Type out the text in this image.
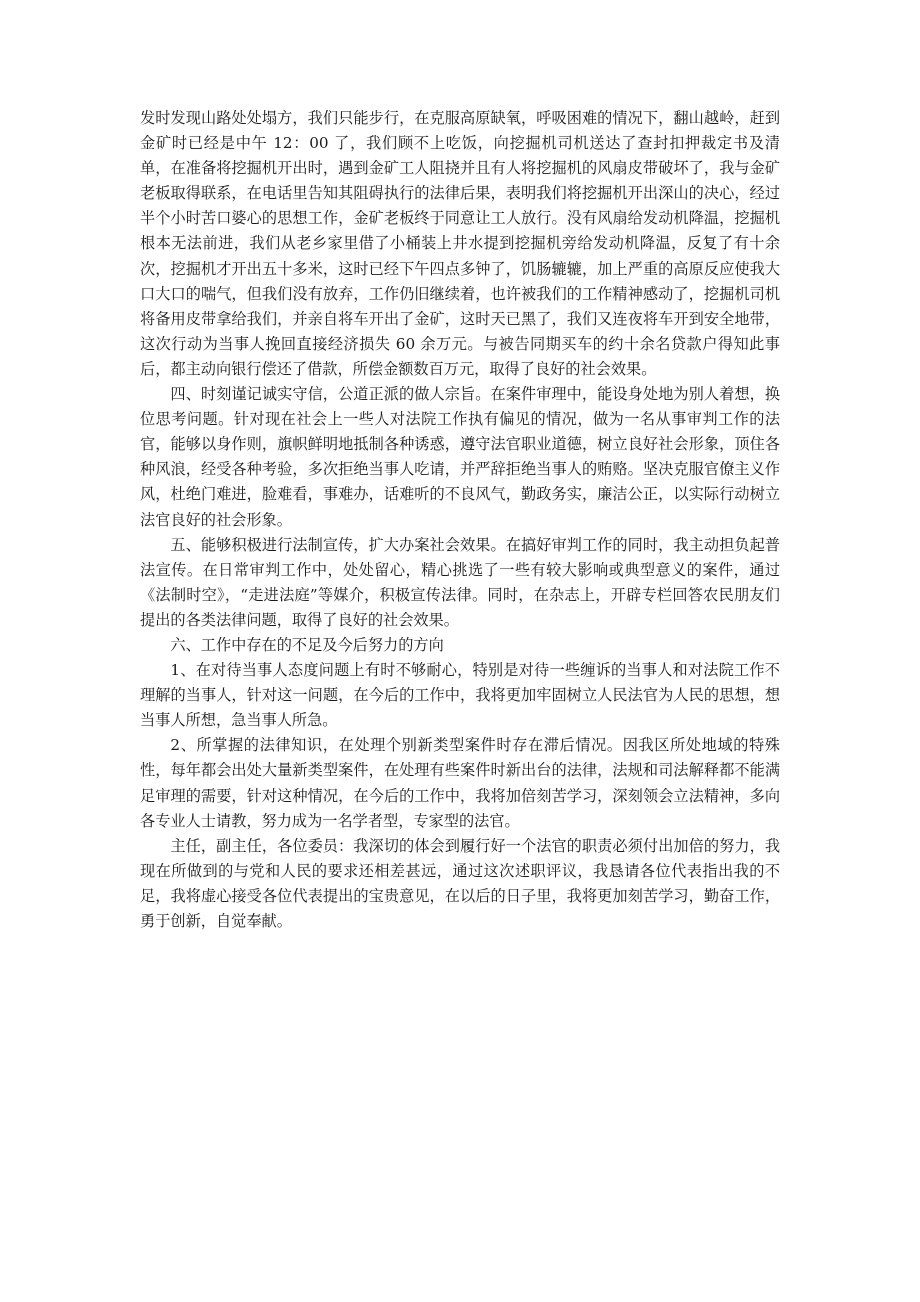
发时发现山路处处塌方，我们只能步行，在克服高原缺氧，呼吸困难的情况下，翻山越岭，赶到金矿时已经是中午 12：00 了，我们顾不上吃饭，向挖掘机司机送达了查封扣押裁定书及清单，在准备将挖掘机开出时，遇到金矿工人阻挠并且有人将挖掘机的风扇皮带破坏了，我与金矿老板取得联系，在电话里告知其阻碍执行的法律后果，表明我们将挖掘机开出深山的决心，经过半个小时苦口婆心的思想工作，金矿老板终于同意让工人放行。没有风扇给发动机降温，挖掘机根本无法前进，我们从老乡家里借了小桶装上井水提到挖掘机旁给发动机降温，反复了有十余次，挖掘机才开出五十多米，这时已经下午四点多钟了，饥肠辘辘，加上严重的高原反应使我大口大口的喘气，但我们没有放弃，工作仍旧继续着，也许被我们的工作精神感动了，挖掘机司机将备用皮带拿给我们，并亲自将车开出了金矿，这时天已黑了，我们又连夜将车开到安全地带，这次行动为当事人挽回直接经济损失 60 余万元。与被告同期买车的约十余名贷款户得知此事后，都主动向银行偿还了借款，所偿金额数百万元，取得了良好的社会效果。

四、时刻谨记诚实守信，公道正派的做人宗旨。在案件审理中，能设身处地为别人着想，换位思考问题。针对现在社会上一些人对法院工作执有偏见的情况，做为一名从事审判工作的法官，能够以身作则，旗帜鲜明地抵制各种诱惑，遵守法官职业道德，树立良好社会形象，顶住各种风浪，经受各种考验，多次拒绝当事人吃请，并严辞拒绝当事人的贿赂。坚决克服官僚主义作风，杜绝门难进，脸难看，事难办，话难听的不良风气，勤政务实，廉洁公正，以实际行动树立法官良好的社会形象。

五、能够积极进行法制宣传，扩大办案社会效果。在搞好审判工作的同时，我主动担负起普法宣传。在日常审判工作中，处处留心，精心挑选了一些有较大影响或典型意义的案件，通过《法制时空》，“走进法庭”等媒介，积极宣传法律。同时，在杂志上，开辟专栏回答农民朋友们提出的各类法律问题，取得了良好的社会效果。

六、工作中存在的不足及今后努力的方向

1、在对待当事人态度问题上有时不够耐心，特别是对待一些缠诉的当事人和对法院工作不理解的当事人，针对这一问题，在今后的工作中，我将更加牢固树立人民法官为人民的思想，想当事人所想，急当事人所急。

2、所掌握的法律知识，在处理个别新类型案件时存在滞后情况。因我区所处地域的特殊性，每年都会出处大量新类型案件，在处理有些案件时新出台的法律，法规和司法解释都不能满足审理的需要，针对这种情况，在今后的工作中，我将加倍刻苦学习，深刻领会立法精神，多向各专业人士请教，努力成为一名学者型，专家型的法官。

主任，副主任，各位委员：我深切的体会到履行好一个法官的职责必须付出加倍的努力，我现在所做到的与党和人民的要求还相差甚远，通过这次述职评议，我恳请各位代表指出我的不足，我将虚心接受各位代表提出的宝贵意见，在以后的日子里，我将更加刻苦学习，勤奋工作，勇于创新，自觉奉献。
